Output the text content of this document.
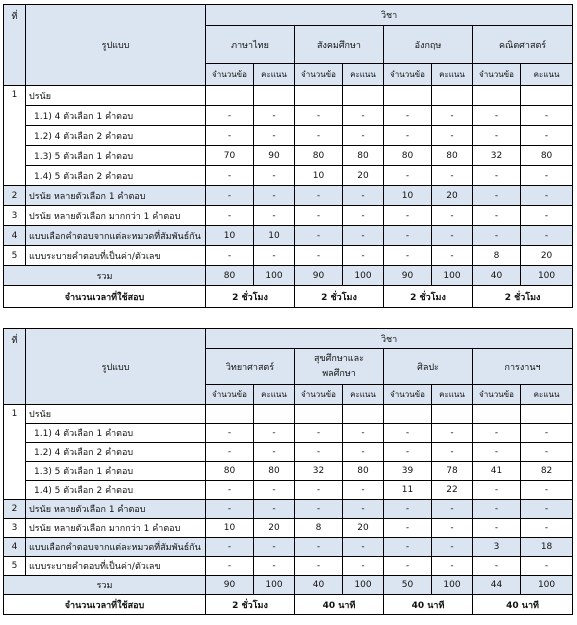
ที่	รูปแบบ	วิชา							
		ภาษาไทย		สังคมศึกษา		อังกฤษ		คณิตศาสตร์	
		จำนวนข้อ	คะแนน	จำนวนข้อ	คะแนน	จำนวนข้อ	คะแนน	จำนวนข้อ	คะแนน
1	ปรนัย								
	1.1) 4 ตัวเลือก 1 คำตอบ	-	-	-	-	-	-	-	-
	1.2) 4 ตัวเลือก 2 คำตอบ	-	-	-	-	-	-	-	-
	1.3) 5 ตัวเลือก 1 คำตอบ	70	90	80	80	80	80	32	80
	1.4) 5 ตัวเลือก 2 คำตอบ	-	-	10	20	-	-	-	-
2	ปรนัย หลายตัวเลือก 1 คำตอบ	-	-	-	-	10	20	-	-
3	ปรนัย หลายตัวเลือก มากกว่า 1 คำตอบ	-	-	-	-	-	-	-	-
4	แบบเลือกคำตอบจากแต่ละหมวดที่สัมพันธ์กัน	10	10	-	-	-	-	-	-
5	แบบระบายคำตอบที่เป็นค่า/ตัวเลข	-	-	-	-	-	-	8	20
รวม		80	100	90	100	90	100	40	100
จำนวนเวลาที่ใช้สอบ		2 ชั่วโมง		2 ชั่วโมง		2 ชั่วโมง		2 ชั่วโมง	
ที่	รูปแบบ	วิชา							
		วิทยาศาสตร์		สุขศึกษาและ พลศึกษา		ศิลปะ		การงานฯ	
		จำนวนข้อ	คะแนน	จำนวนข้อ	คะแนน	จำนวนข้อ	คะแนน	จำนวนข้อ	คะแนน
1	ปรนัย								
	1.1) 4 ตัวเลือก 1 คำตอบ	-	-	-	-	-	-	-	-
	1.2) 4 ตัวเลือก 2 คำตอบ	-	-	-	-	-	-	-	-
	1.3) 5 ตัวเลือก 1 คำตอบ	80	80	32	80	39	78	41	82
	1.4) 5 ตัวเลือก 2 คำตอบ	-	-	-	-	11	22	-	-
2	ปรนัย หลายตัวเลือก 1 คำตอบ	-	-	-	-	-	-	-	-
3	ปรนัย หลายตัวเลือก มากกว่า 1 คำตอบ	10	20	8	20	-	-	-	-
4	แบบเลือกคำตอบจากแต่ละหมวดที่สัมพันธ์กัน	-	-	-	-	-	-	3	18
5	แบบระบายคำตอบที่เป็นค่า/ตัวเลข	-	-	-	-	-	-	-	-
รวม		90	100	40	100	50	100	44	100
จำนวนเวลาที่ใช้สอบ		2 ชั่วโมง		40 นาที		40 นาที		40 นาที	
